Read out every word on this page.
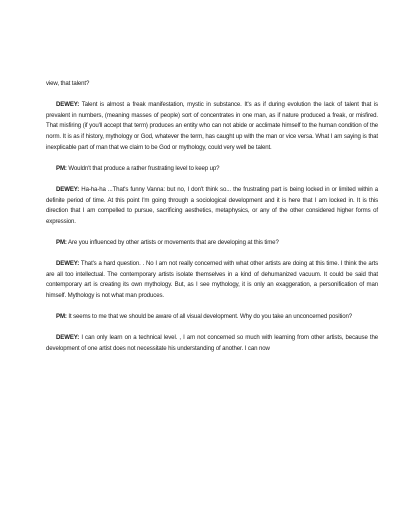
view, that talent?

DEWEY: Talent is almost a freak manifestation, mystic in substance. It's as if during evolution the lack of talent that is prevalent in numbers, (meaning masses of people) sort of concentrates in one man, as if nature produced a freak, or misfired. That misfiring (if you'll accept that term) produces an entity who can not abide or acclimate himself to the human condition of the norm. It is as if history, mythology or God, whatever the term, has caught up with the man or vice versa. What I am saying is that inexplicable part of man that we claim to be God or mythology, could very well be talent.

PM: Wouldn't that produce a rather frustrating level to keep up?

DEWEY: Ha-ha-ha ...That's funny Vanna: but no, I don't think so... the frustrating part is being locked in or limited within a definite period of time. At this point I'm going through a sociological development and it is here that I am locked in. It is this direction that I am compelled to pursue, sacrificing aesthetics, metaphysics, or any of the other considered higher forms of expression.

PM: Are you influenced by other artists or movements that are developing at this time?

DEWEY: That's a hard question. . No I am not really concerned with what other artists are doing at this time. I think the arts are all too intellectual. The contemporary artists isolate themselves in a kind of dehumanized vacuum. It could be said that contemporary art is creating its own mythology. But, as I see mythology, it is only an exaggeration, a personification of man himself. Mythology is not what man produces.

PM: It seems to me that we should be aware of all visual development. Why do you take an unconcerned position?

DEWEY: I can only learn on a technical level. , I am not concerned so much with learning from other artists, because the development of one artist does not necessitate his understanding of another. I can now
